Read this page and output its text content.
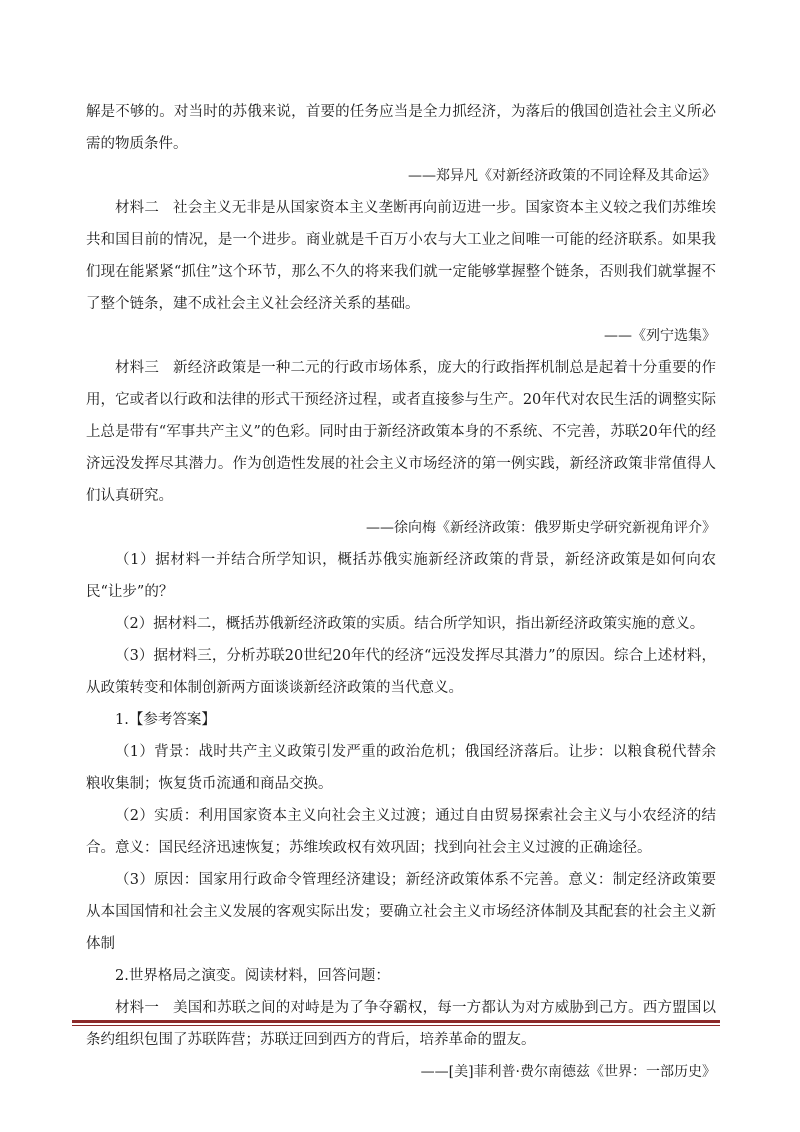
解是不够的。对当时的苏俄来说，首要的任务应当是全力抓经济，为落后的俄国创造社会主义所必需的物质条件。

——郑异凡《对新经济政策的不同诠释及其命运》

材料二 社会主义无非是从国家资本主义垄断再向前迈进一步。国家资本主义较之我们苏维埃共和国目前的情况，是一个进步。商业就是千百万小农与大工业之间唯一可能的经济联系。如果我们现在能紧紧“抓住”这个环节，那么不久的将来我们就一定能够掌握整个链条，否则我们就掌握不了整个链条，建不成社会主义社会经济关系的基础。

——《列宁选集》

材料三 新经济政策是一种二元的行政市场体系，庞大的行政指挥机制总是起着十分重要的作用，它或者以行政和法律的形式干预经济过程，或者直接参与生产。20年代对农民生活的调整实际上总是带有“军事共产主义”的色彩。同时由于新经济政策本身的不系统、不完善，苏联20年代的经济远没发挥尽其潜力。作为创造性发展的社会主义市场经济的第一例实践，新经济政策非常值得人们认真研究。

——徐向梅《新经济政策：俄罗斯史学研究新视角评介》

（1）据材料一并结合所学知识，概括苏俄实施新经济政策的背景，新经济政策是如何向农民“让步”的？

（2）据材料二，概括苏俄新经济政策的实质。结合所学知识，指出新经济政策实施的意义。

（3）据材料三，分析苏联20世纪20年代的经济“远没发挥尽其潜力”的原因。综合上述材料，从政策转变和体制创新两方面谈谈新经济政策的当代意义。

1.【参考答案】

（1）背景：战时共产主义政策引发严重的政治危机；俄国经济落后。让步：以粮食税代替余粮收集制；恢复货币流通和商品交换。

（2）实质：利用国家资本主义向社会主义过渡；通过自由贸易探索社会主义与小农经济的结合。意义：国民经济迅速恢复；苏维埃政权有效巩固；找到向社会主义过渡的正确途径。

（3）原因：国家用行政命令管理经济建设；新经济政策体系不完善。意义：制定经济政策要从本国国情和社会主义发展的客观实际出发；要确立社会主义市场经济体制及其配套的社会主义新体制

2.世界格局之演变。阅读材料，回答问题：

材料一 美国和苏联之间的对峙是为了争夺霸权，每一方都认为对方威胁到己方。西方盟国以条约组织包围了苏联阵营；苏联迂回到西方的背后，培养革命的盟友。

——[美]菲利普·费尔南德兹《世界：一部历史》
